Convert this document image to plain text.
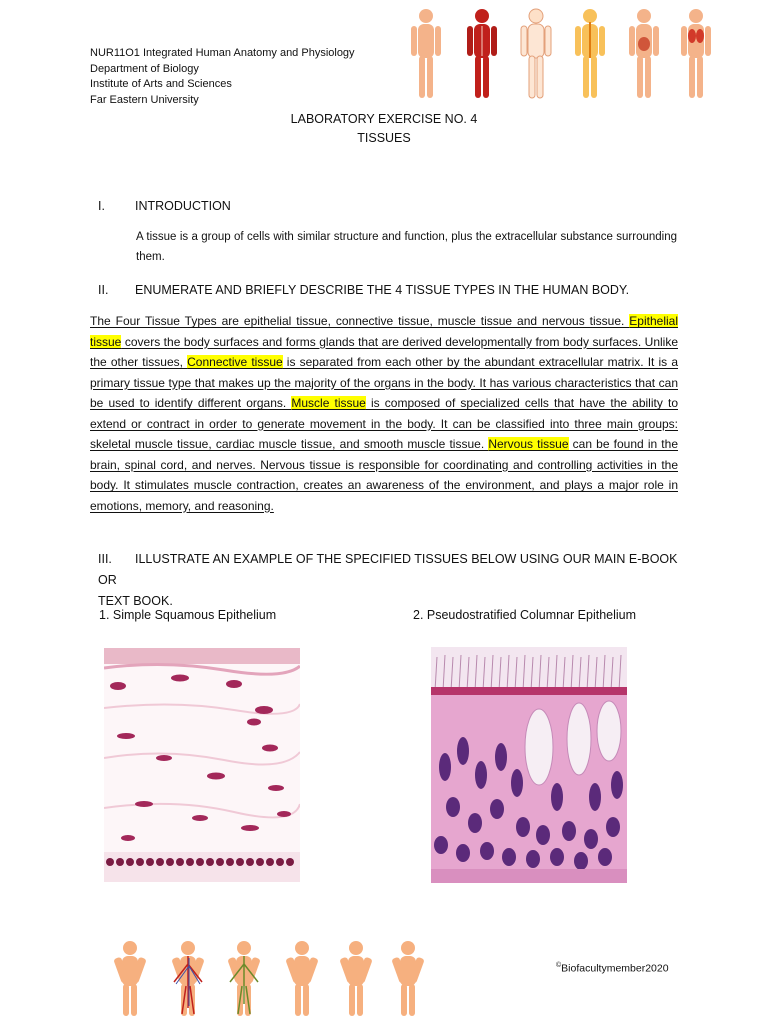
NUR11O1 Integrated Human Anatomy and Physiology
Department of Biology
Institute of Arts and Sciences
Far Eastern University
LABORATORY EXERCISE NO. 4
TISSUES
I. INTRODUCTION
A tissue is a group of cells with similar structure and function, plus the extracellular substance surrounding them.
II. ENUMERATE AND BRIEFLY DESCRIBE THE 4 TISSUE TYPES IN THE HUMAN BODY.
The Four Tissue Types are epithelial tissue, connective tissue, muscle tissue and nervous tissue. Epithelial tissue covers the body surfaces and forms glands that are derived developmentally from body surfaces. Unlike the other tissues, Connective tissue is separated from each other by the abundant extracellular matrix. It is a primary tissue type that makes up the majority of the organs in the body. It has various characteristics that can be used to identify different organs. Muscle tissue is composed of specialized cells that have the ability to extend or contract in order to generate movement in the body. It can be classified into three main groups: skeletal muscle tissue, cardiac muscle tissue, and smooth muscle tissue. Nervous tissue can be found in the brain, spinal cord, and nerves. Nervous tissue is responsible for coordinating and controlling activities in the body. It stimulates muscle contraction, creates an awareness of the environment, and plays a major role in emotions, memory, and reasoning.
III. ILLUSTRATE AN EXAMPLE OF THE SPECIFIED TISSUES BELOW USING OUR MAIN E-BOOK OR
TEXT BOOK.
1. Simple Squamous Epithelium	2. Pseudostratified Columnar Epithelium
©Biofacultymember2020
